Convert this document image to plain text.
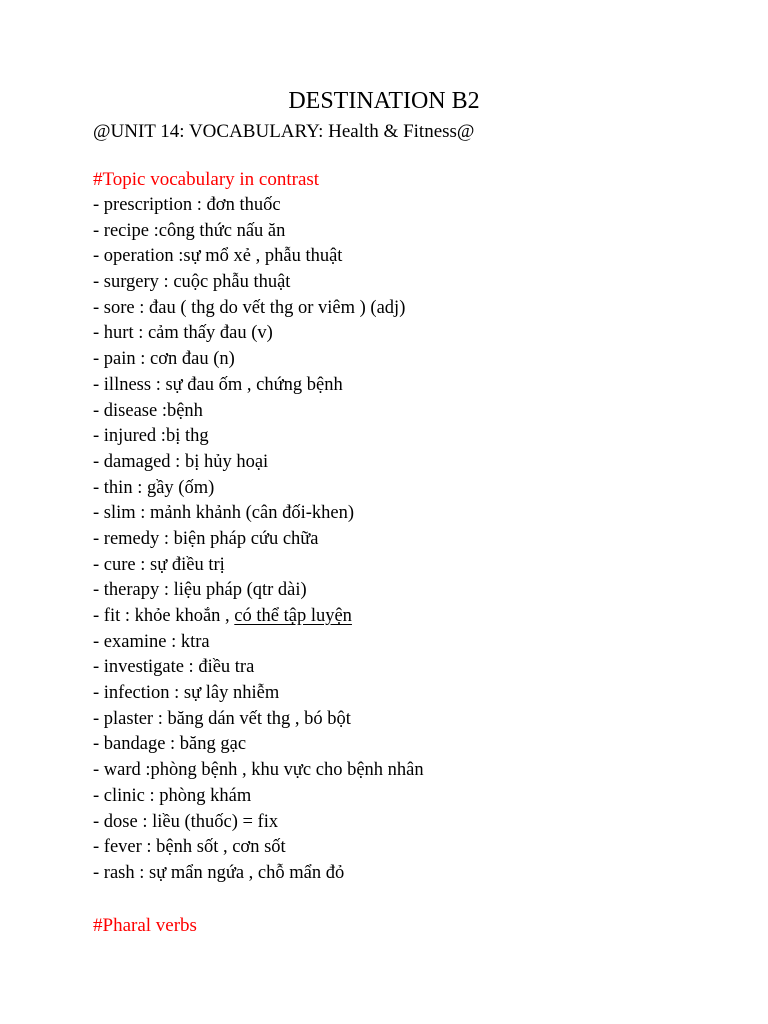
DESTINATION B2
@UNIT 14: VOCABULARY: Health & Fitness@
#Topic vocabulary in contrast
- prescription : đơn thuốc
- recipe :công thức nấu ăn
- operation :sự mổ xẻ , phẫu thuật
- surgery : cuộc phẫu thuật
- sore : đau ( thg do vết thg or viêm ) (adj)
- hurt : cảm thấy đau (v)
- pain : cơn đau (n)
- illness : sự đau ốm , chứng bệnh
- disease :bệnh
- injured :bị thg
- damaged : bị hủy hoại
- thin : gầy (ốm)
- slim : mảnh khảnh (cân đối-khen)
- remedy : biện pháp cứu chữa
- cure : sự điều trị
- therapy : liệu pháp (qtr dài)
- fit : khỏe khoắn , có thể tập luyện
- examine : ktra
- investigate : điều tra
- infection : sự lây nhiễm
- plaster : băng dán vết thg , bó bột
- bandage : băng gạc
- ward :phòng bệnh , khu vực cho bệnh nhân
- clinic : phòng khám
- dose : liều (thuốc) = fix
- fever : bệnh sốt , cơn sốt
- rash : sự mẩn ngứa , chỗ mẩn đỏ
#Pharal verbs
